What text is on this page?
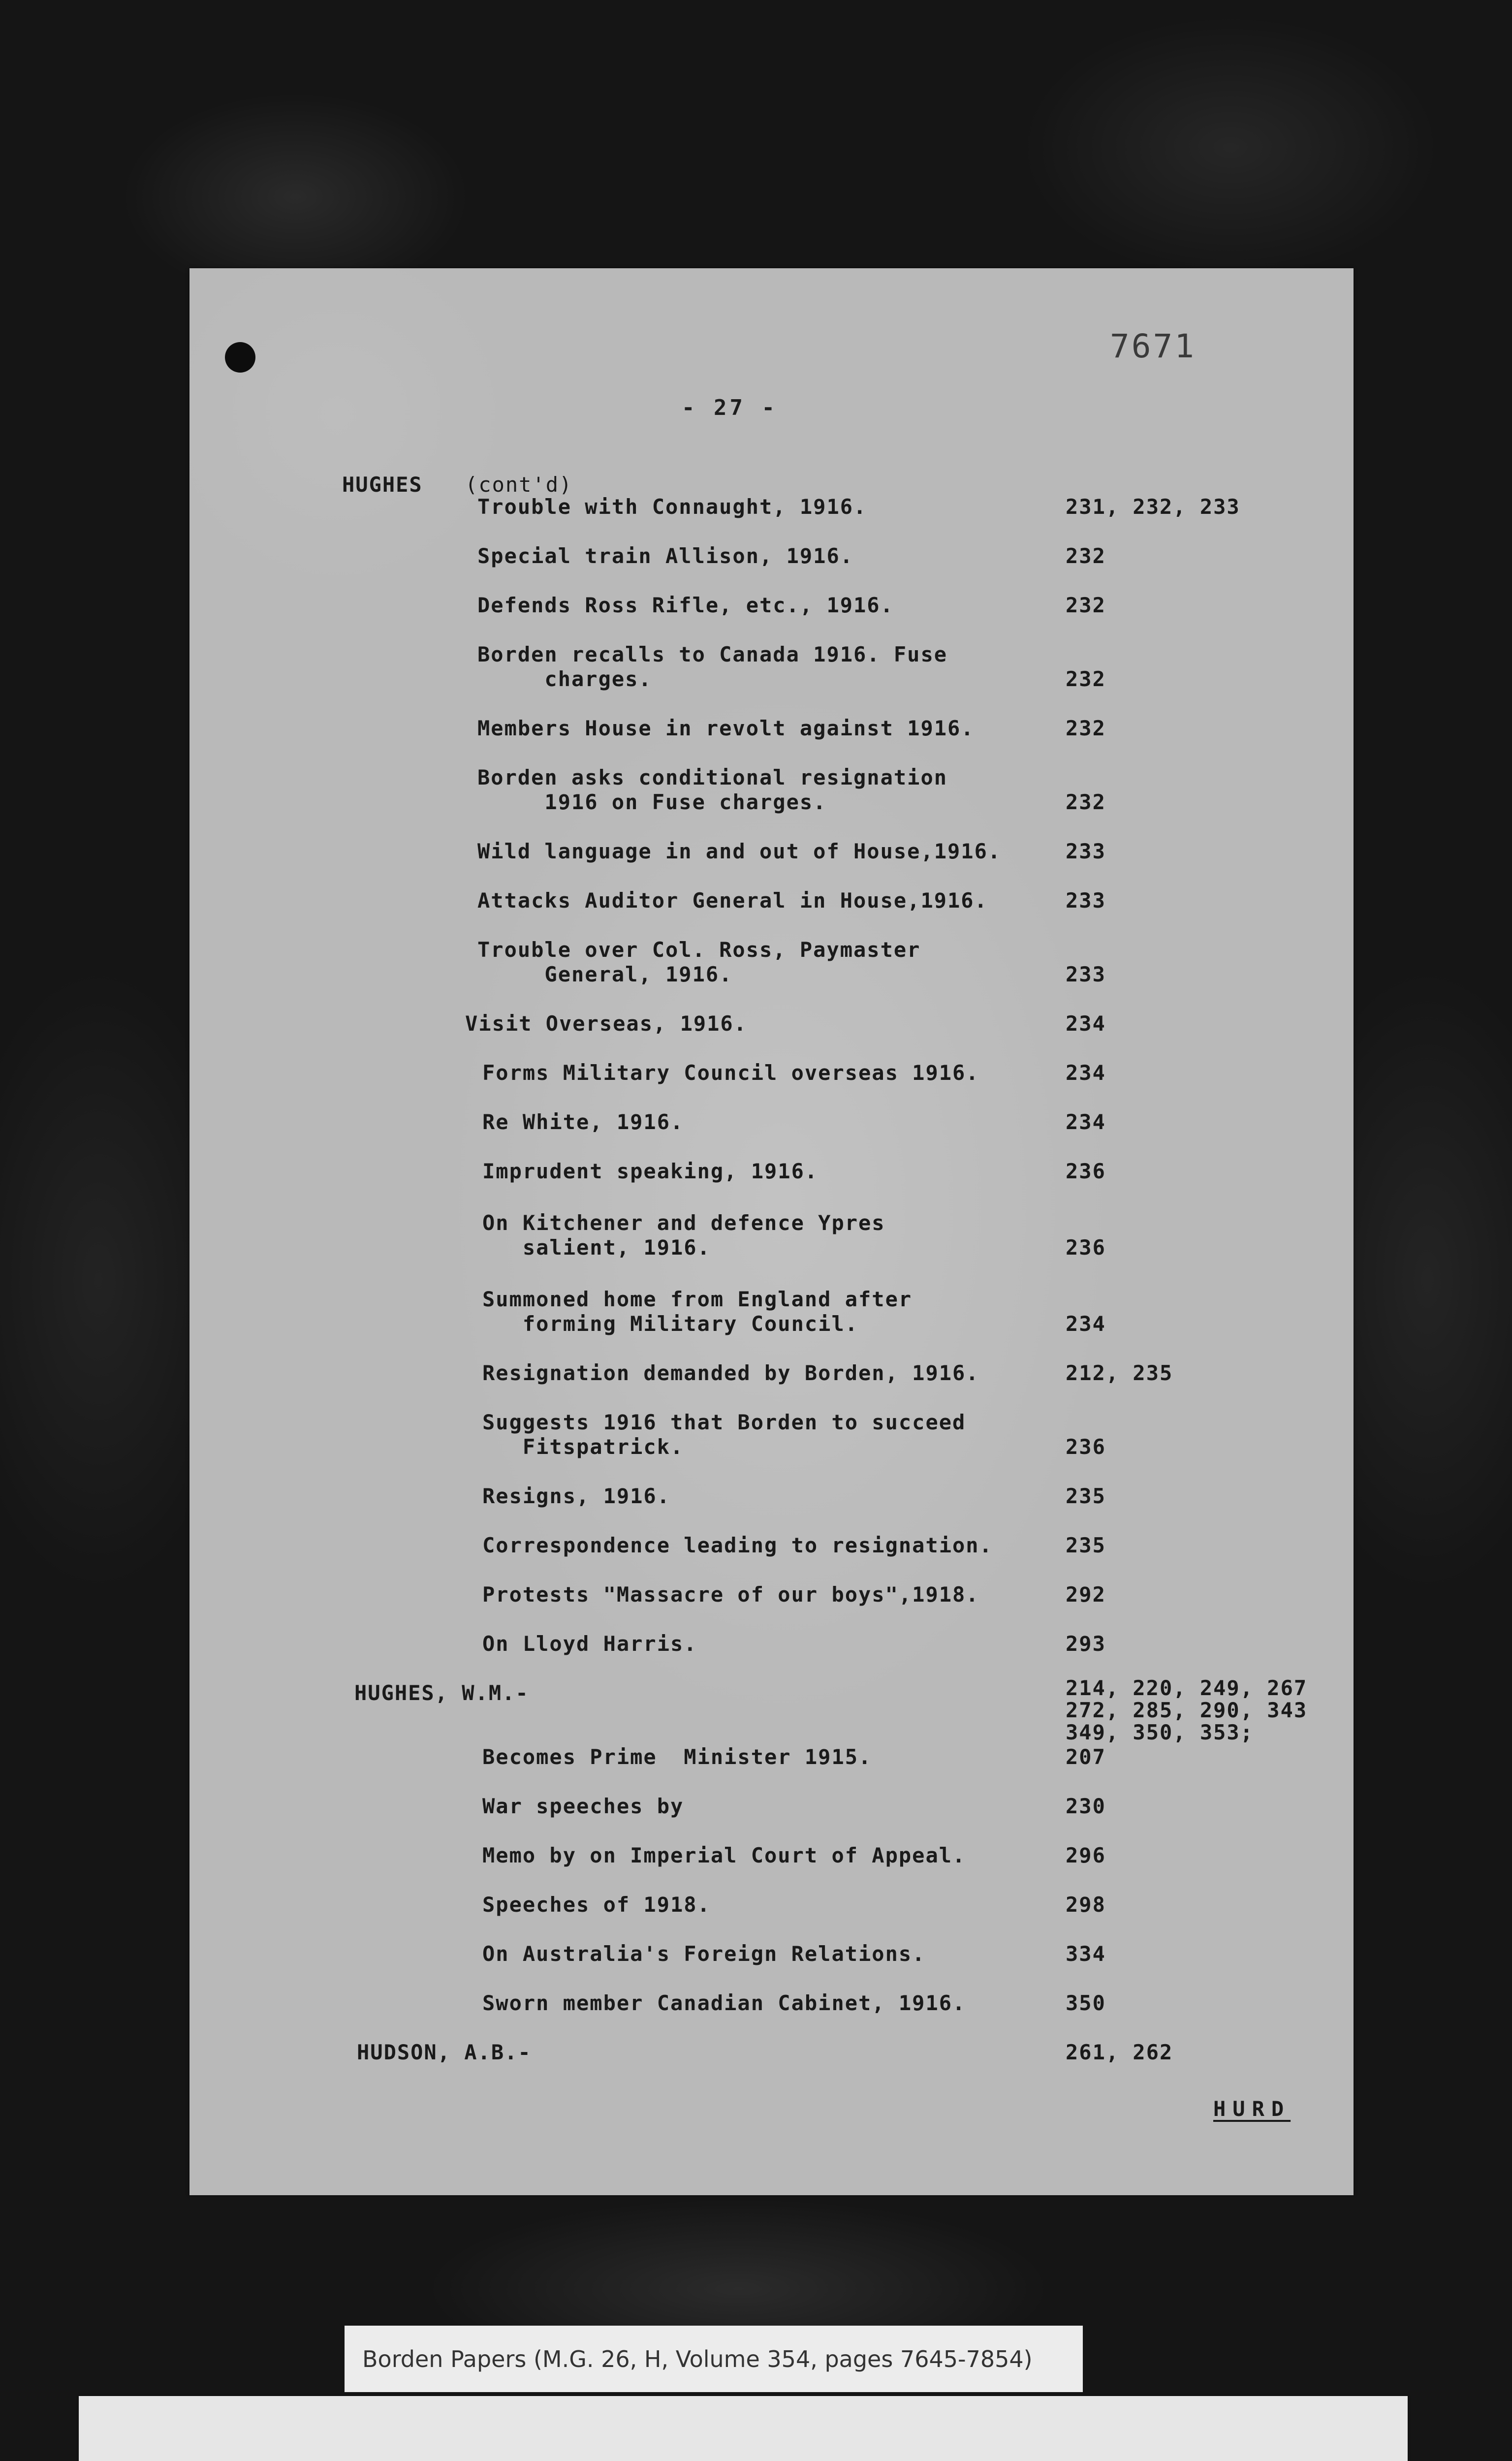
7671
- 27 -
HUGHES (cont'd)
Trouble with Connaught, 1916.	231, 232, 233
Special train Allison, 1916.	232
Defends Ross Rifle, etc., 1916.	232
Borden recalls to Canada 1916. Fuse
charges.	232
Members House in revolt against 1916.	232
Borden asks conditional resignation
1916 on Fuse charges.	232
Wild language in and out of House,1916.	233
Attacks Auditor General in House,1916.	233
Trouble over Col. Ross, Paymaster
General, 1916.	233
Visit Overseas, 1916.	234
Forms Military Council overseas 1916.	234
Re White, 1916.	234
Imprudent speaking, 1916.	236
On Kitchener and defence Ypres
salient, 1916.	236
Summoned home from England after
forming Military Council.	234
Resignation demanded by Borden, 1916.	212, 235
Suggests 1916 that Borden to succeed
Fitspatrick.	236
Resigns, 1916.	235
Correspondence leading to resignation.	235
Protests "Massacre of our boys",1918.	292
On Lloyd Harris.	293
HUGHES, W.M.-	214, 220, 249, 267
272, 285, 290, 343
349, 350, 353;
Becomes Prime  Minister 1915.	207
War speeches by	230
Memo by on Imperial Court of Appeal.	296
Speeches of 1918.	298
On Australia's Foreign Relations.	334
Sworn member Canadian Cabinet, 1916.	350
HUDSON, A.B.-	261, 262
HURD
Borden Papers (M.G. 26, H, Volume 354, pages 7645-7854)
